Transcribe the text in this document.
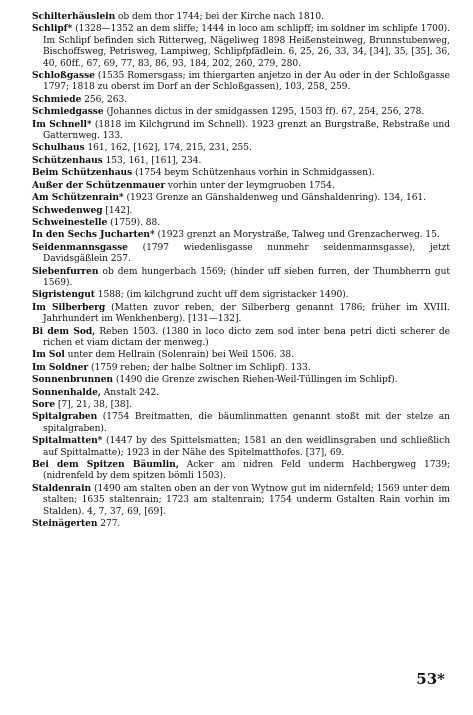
Schilterhäuslein ob dem thor 1744; bei der Kirche nach 1810.

Schlipf* (1328—1352 an dem sliffe; 1444 in loco am schlipff; im soldner im schlipfe 1700). Im Schlipf befinden sich Ritterweg, Nägeliweg 1898 Heißensteinweg, Brunnstubenweg, Bischoffsweg, Petrisweg, Lampiweg, Schlipfpfädlein. 6, 25, 26, 33, 34, [34], 35, [35], 36, 40, 60ff., 67, 69, 77, 83, 86, 93, 184, 202, 260, 279, 280.

Schloßgasse (1535 Romersgass; im thiergarten anjetzo in der Au oder in der Schloßgasse 1797; 1818 zu oberst im Dorf an der Schloßgassen), 103, 258, 259.

Schmiede 256, 263.

Schmiedgasse (Johannes dictus in der smidgassen 1295, 1503 ff). 67, 254, 256, 278.

Im Schnell* (1818 im Kilchgrund im Schnell). 1923 grenzt an Burgstraße, Rebstraße und Gatternweg. 133.

Schulhaus 161, 162, [162], 174, 215, 231, 255.

Schützenhaus 153, 161, [161], 234.

Beim Schützenhaus (1754 beym Schützenhaus vorhin in Schmidgassen).

Außer der Schützenmauer vorhin unter der leymgruoben 1754.

Am Schützenrain* (1923 Grenze an Gänshaldenweg und Gänshaldenring). 134, 161.

Schwedenweg [142].

Schweinestelle (1759). 88.

In den Sechs Jucharten* (1923 grenzt an Morystraße, Talweg und Grenzacherweg. 15.

Seidenmannsgasse (1797 wiedenlisgasse nunmehr seidenmannsgasse), jetzt Davidsgäßlein 257.

Siebenfurren ob dem hungerbach 1569; (hinder uff sieben furren, der Thumbherrn gut 1569).

Sigristengut 1588; (im kilchgrund zucht uff dem sigristacker 1490).

Im Silberberg (Matten zuvor reben, der Silberberg genannt 1786; früher im XVIII. Jahrhundert im Wenkhenberg). [131—132].

Bi dem Sod, Reben 1503. (1380 in loco dicto zem sod inter bena petri dicti scherer de richen et viam dictam der menweg.)

Im Sol unter dem Hellrain (Solenrain) bei Weil 1506. 38.

Im Soldner (1759 reben; der halbe Soltner im Schlipf). 133.

Sonnenbrunnen (1490 die Grenze zwischen Riehen-Weil-Tüllingen im Schlipf).

Sonnenhalde, Anstalt 242.

Sore [7], 21, 38, [38].

Spitalgraben (1754 Breitmatten, die bäumlinmatten genannt stoßt mit der stelze an spitalgraben).

Spitalmatten* (1447 by des Spittelsmatten; 1581 an den weidlinsgraben und schließlich auf Spittalmatte); 1923 in der Nähe des Spitelmatthofes. [37], 69.

Bei dem Spitzen Bäumlin, Acker am nidren Feld underm Hachbergweg 1739; (nidrenfeld by dem spitzen bömli 1503).

Staldenrain (1490 am stalten oben an der von Wytnow gut im nidernfeld; 1569 unter dem stalten; 1635 staltenrain; 1723 am staltenrain; 1754 underm Gstalten Rain vorhin im Stalden). 4, 7, 37, 69, [69].

Steinägerten 277.

53*
